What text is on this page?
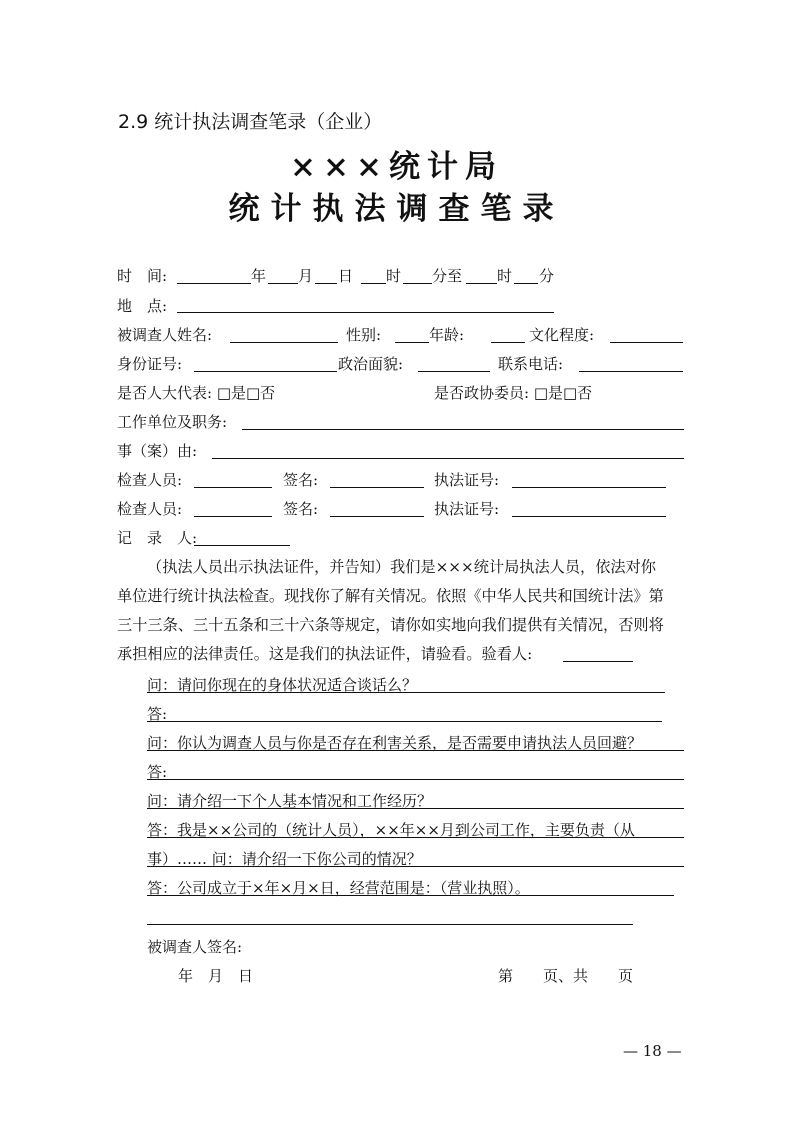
2.9 统计执法调查笔录（企业）
×××统计局
统计执法调查笔录
时　间:	年 月 日 时 分至 时 分
地　点:
被调查人姓名:	性别:	年龄:	文化程度:
身份证号:	政治面貌:	联系电话:
是否人大代表: □是□否	是否政协委员: □是□否
工作单位及职务:
事（案）由:
检查人员:	签名:	执法证号:
检查人员:	签名:	执法证号:
记　录　人:
（执法人员出示执法证件，并告知）我们是×××统计局执法人员，依法对你
单位进行统计执法检查。现找你了解有关情况。依照《中华人民共和国统计法》第
三十三条、三十五条和三十六条等规定，请你如实地向我们提供有关情况，否则将
承担相应的法律责任。这是我们的执法证件，请验看。验看人:
问：请问你现在的身体状况适合谈话么？
答:
问：你认为调查人员与你是否存在利害关系，是否需要申请执法人员回避？
答:
问：请介绍一下个人基本情况和工作经历？
答：我是××公司的（统计人员），××年××月到公司工作，主要负责（从
事）…… 问：请介绍一下你公司的情况？
答：公司成立于×年×月×日，经营范围是：（营业执照）。
被调查人签名:
年　月　日	第　　页、共　　页
— 18 —
